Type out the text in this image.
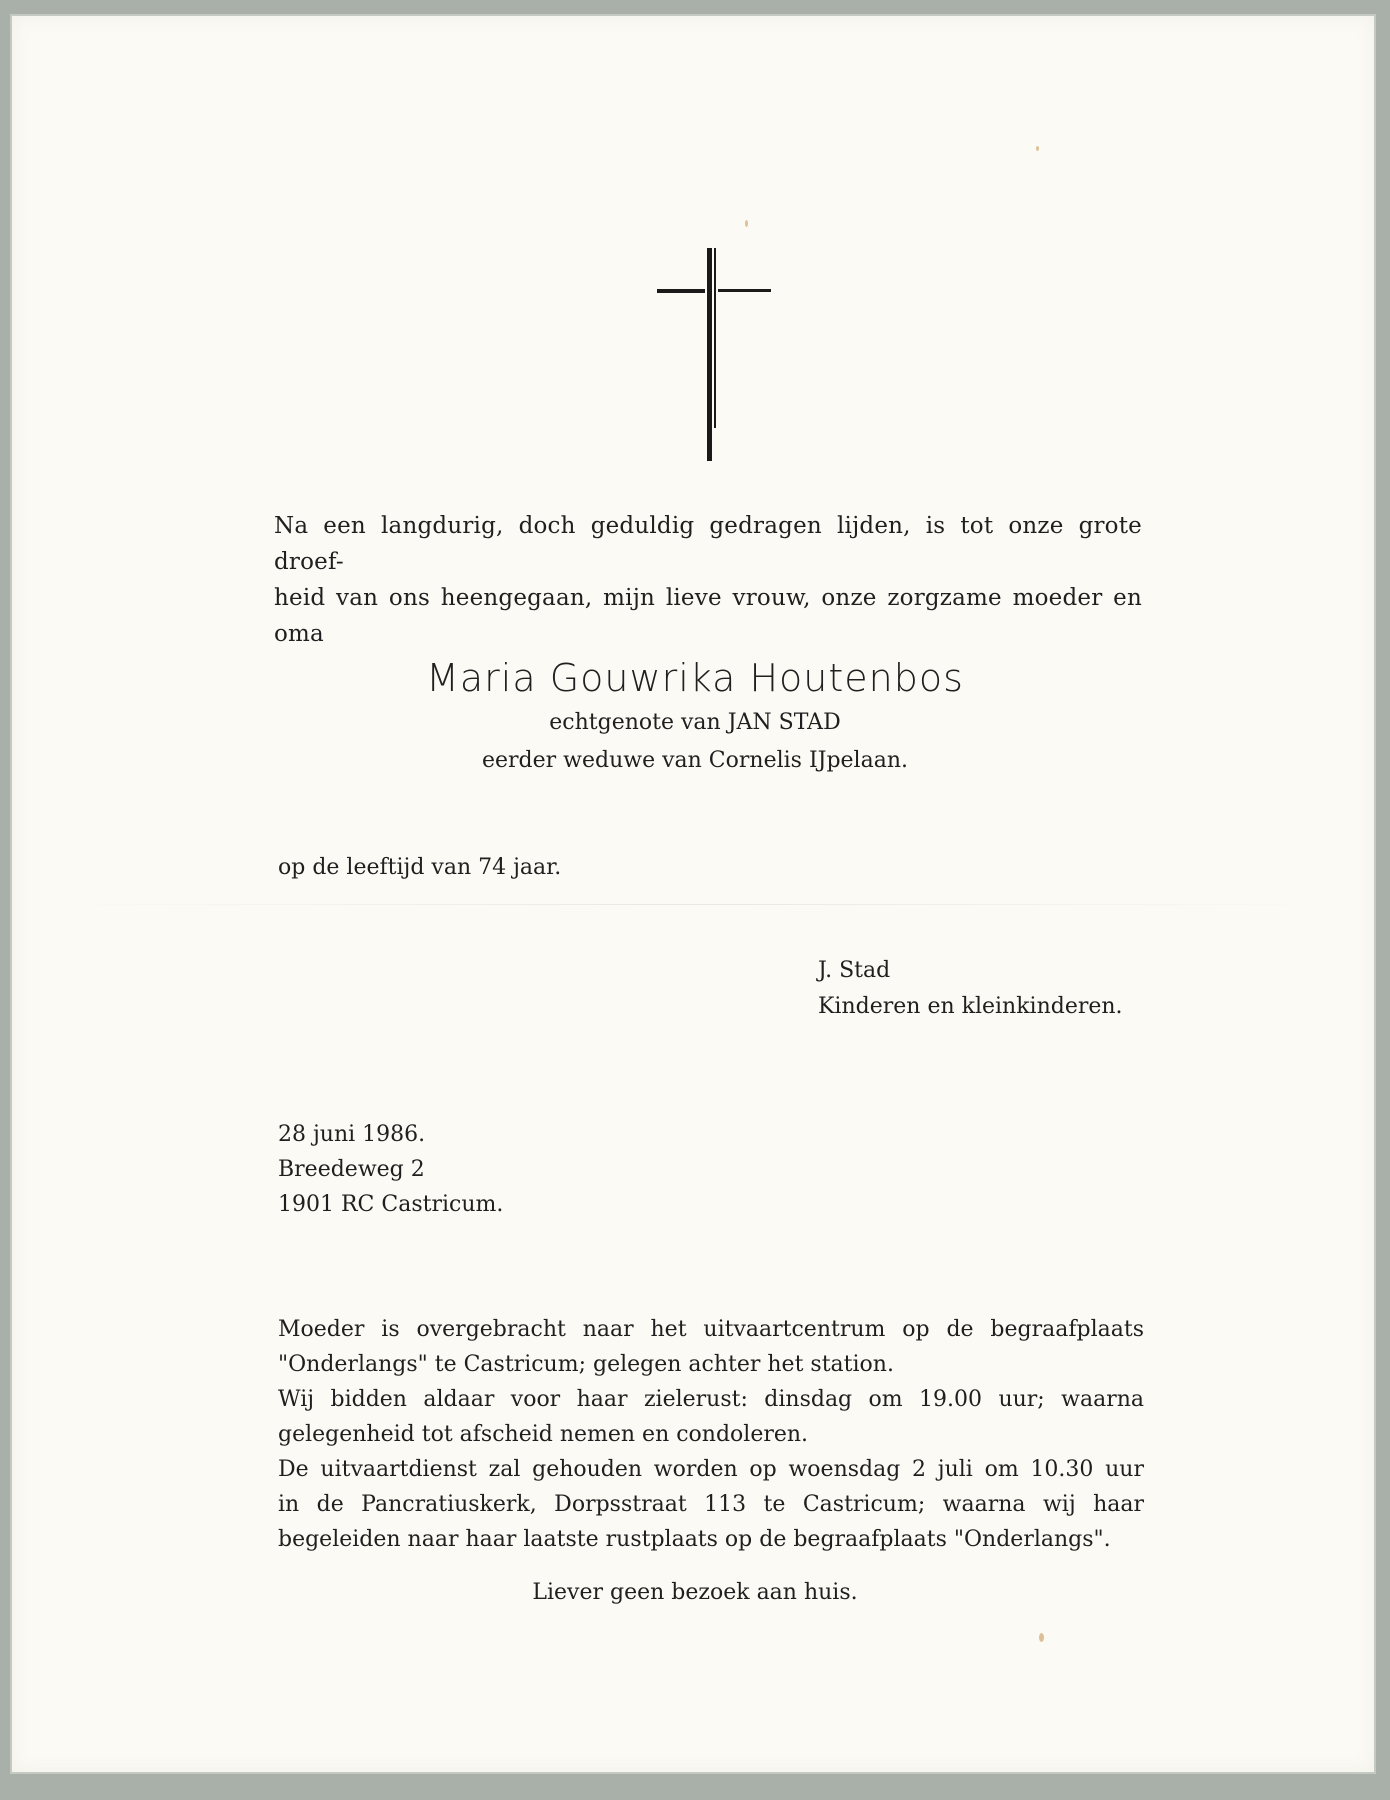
Na een langdurig, doch geduldig gedragen lijden, is tot onze grote droef-
heid van ons heengegaan, mijn lieve vrouw, onze zorgzame moeder en
oma

Maria Gouwrika Houtenbos

echtgenote van JAN STAD

eerder weduwe van Cornelis IJpelaan.

op de leeftijd van 74 jaar.

J. Stad

Kinderen en kleinkinderen.

28 juni 1986.

Breedeweg 2

1901 RC Castricum.

Moeder is overgebracht naar het uitvaartcentrum op de begraafplaats
"Onderlangs" te Castricum; gelegen achter het station.
Wij bidden aldaar voor haar zielerust: dinsdag om 19.00 uur; waarna
gelegenheid tot afscheid nemen en condoleren.
De uitvaartdienst zal gehouden worden op woensdag 2 juli om 10.30 uur
in de Pancratiuskerk, Dorpsstraat 113 te Castricum; waarna wij haar
begeleiden naar haar laatste rustplaats op de begraafplaats "Onderlangs".

Liever geen bezoek aan huis.
